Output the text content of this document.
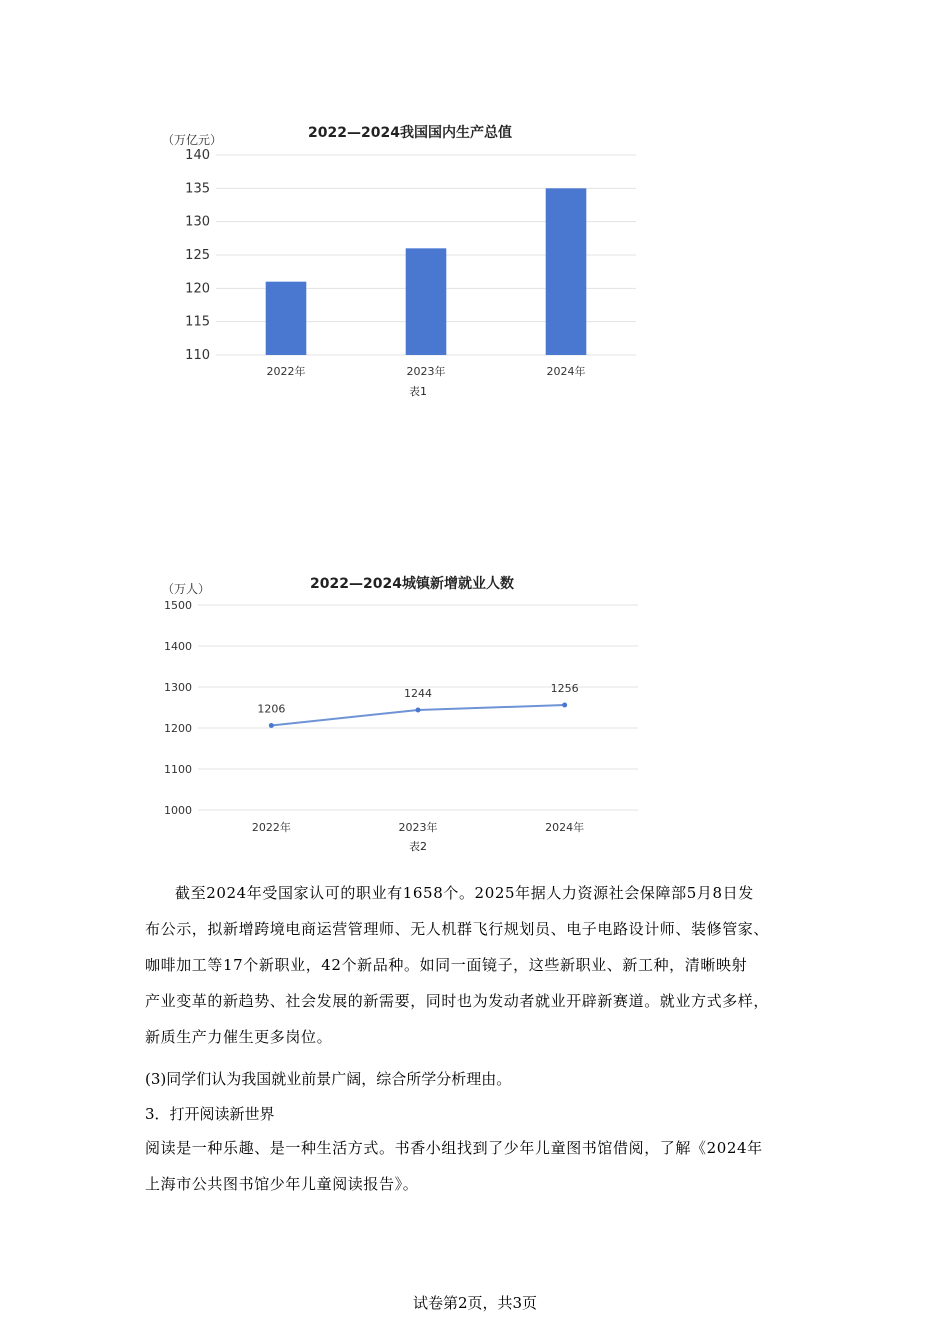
2022—2024我国国内生产总值
（万亿元）
表1
110
115
120
125
130
135
140
2022年	2023年	2024年
2022—2024城镇新增就业人数
（万人）
表2
1000
1100
1200
1300
1400
1500
2022年	2023年	2024年
1206
1244	1256
截至2024年受国家认可的职业有1658个。2025年据人力资源社会保障部5月8日发
布公示，拟新增跨境电商运营管理师、无人机群飞行规划员、电子电路设计师、装修管家、
咖啡加工等17个新职业，42个新品种。如同一面镜子，这些新职业、新工种，清晰映射
产业变革的新趋势、社会发展的新需要，同时也为发动者就业开辟新赛道。就业方式多样，
新质生产力催生更多岗位。
(3)同学们认为我国就业前景广阔，综合所学分析理由。
3．打开阅读新世界
阅读是一种乐趣、是一种生活方式。书香小组找到了少年儿童图书馆借阅，了解《2024年
上海市公共图书馆少年儿童阅读报告》。
试卷第2页，共3页
